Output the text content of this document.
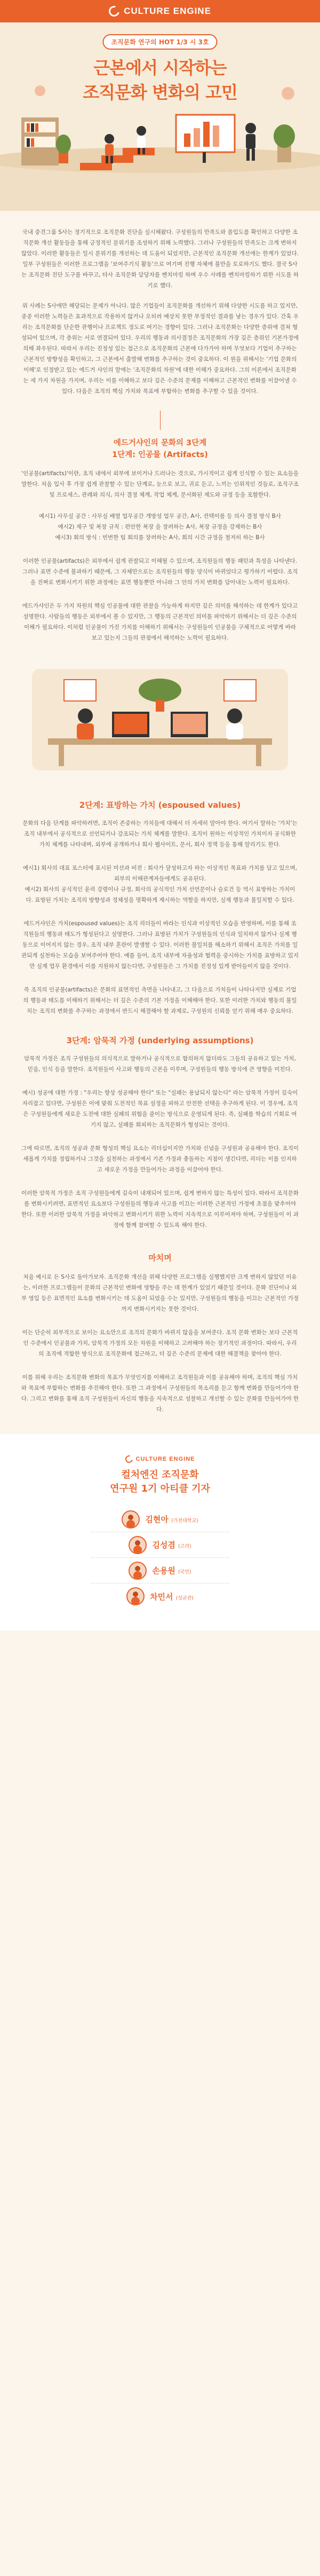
CULTURE ENGINE
조직문화 연구의 HOT 1/3 시 3호
근본에서 시작하는
조직문화 변화의 고민

국내 중견그룹 S사는 정기적으로 조직문화 진단을 실시해왔다. 구성원들의 만족도와 몰입도를 확인하고 다양한 조직문화 개선 활동들을 통해 긍정적인 분위기를 조성하기 위해 노력했다. 그러나 구성원들의 만족도는 크게 변하지 않았다. 이러한 활동들은 일시 분위기를 개선하는 데 도움이 되었지만, 근본적인 조직문화 개선에는 한계가 있었다. 일부 구성원들은 이러한 프로그램을 '보여주기식 활동'으로 여기며 진행 자체에 불만을 토로하기도 했다. 결국 S사는 조직문화 진단 도구를 바꾸고, 타사 조직문화 담당자를 벤치마킹 하며 우수 사례를 벤치마킹하기 위한 시도를 하기로 했다.

위 사례는 S사에만 해당되는 문제가 아니다. 많은 기업들이 조직문화를 개선하기 위해 다양한 시도를 하고 있지만, 종종 이러한 노력들은 효과적으로 작용하지 않거나 오히려 예상치 못한 부정적인 결과를 낳는 경우가 있다. 간혹 우리는 조직문화를 단순한 관행이나 프로젝트 정도로 여기는 경향이 있다. 그러나 조직문화는 다양한 층위에 걸쳐 형성되어 있으며, 각 층위는 서로 연결되어 있다. 우리의 행동과 의사결정은 조직문화의 가장 깊은 층위인 기본가정에 의해 좌우된다. 따라서 우리는 진정성 있는 접근으로 조직문화의 근본에 다가가야 하며 무엇보다 기업이 추구하는 근본적인 방향성을 확인하고, 그 근본에서 출발해 변화를 추구하는 것이 중요하다. 이 원을 위해서는 '기업 문화의 이해'로 인정받고 있는 에드거 샤인의 말에는 '조직문화의 차원'에 대한 이해가 중요하다. 그의 이론에서 조직문화는 세 가지 차원을 가지며, 우리는 이를 이해하고 보다 깊은 수준의 문제를 이해하고 근본적인 변화를 이끌어낼 수 있다. 다음은 조직의 핵심 가치와 목표에 부합하는 변화를 추구할 수 있을 것이다.

에드거샤인의 문화의 3단계
1단계: 인공물 (Artifacts)

'인공물(artifacts)'이란, 조직 내에서 외부에 보이거나 드러나는 것으로, 가시적이고 쉽게 인식할 수 있는 요소들을 말한다. 처음 입사 후 가장 쉽게 관찰할 수 있는 단계로, 눈으로 보고, 귀로 듣고, 느끼는 인위적인 것들로, 조직구조 및 프로세스, 관례와 의식, 의사 결정 체계, 작업 체계, 문서화된 제도와 규정 등을 포함한다.

예시1) 사무실 공간 : 사무실 배열 업무공간 개방성 업무 공간, A사, 컨텍이름 등 의사 결정 방식 B사
예시2) 제구 및 복장 규칙 : 편안한 복장 을 장려하는 A사, 복장 규정을 강제하는 B사
예시3) 회의 방식 : 빈번한 팀 회의를 장려하는 A사, 회의 시간 규정을 철저히 하는 B사

이러한 인공물(artifacts)은 외부에서 쉽게 관찰되고 이해될 수 있으며, 조직원들의 행동 패턴과 특성을 나타낸다. 그러나 표면 수준에 불과하기 때문에, 그 자체만으로는 조직원들의 행동 양식이 바뀌었다고 평가하기 어렵다. 조직을 진짜로 변화시키기 위한 과정에는 표면 행동뿐만 아니라 그 안의 가치 변화를 담아내는 노력이 필요하다.

에드가샤인은 두 가지 차원의 핵심 인공물에 대한 관찰을 가능하게 하지만 깊은 의미를 해석하는 데 한계가 있다고 설명한다. 사람들의 행동은 외부에서 볼 수 있지만, 그 행동의 근본적인 의미를 파악하기 위해서는 더 깊은 수준의 이해가 필요하다. 이처럼 인공물이 가진 가치를 이해하기 위해서는 구성원들이 인공물을 구체적으로 어떻게 바라보고 있는지 그들의 관점에서 해석하는 노력이 필요하다.

2단계: 표방하는 가치 (espoused values)

문화의 다음 단계를 파악하려면, 조직이 존중하는 가치들에 대해서 더 자세히 알아야 한다. 여기서 말하는 '가치'는 조직 내부에서 공식적으로 선언되거나 강조되는 가치 체계를 말한다. 조직이 원하는 이상적인 가치이자 공식화한 가치 체계를 나타내며, 외부에 공개하거나 회사 웹사이트, 문서, 회사 정책 등을 통해 알리기도 한다.

예시1) 회사의 대표 포스터에 표시된 미션과 비전 : 회사가 달성하고자 하는 이상적인 목표와 가치를 담고 있으며, 외부의 이해관계자들에게도 공유된다.
예시2) 회사의 공식적인 윤리 강령이나 규정, 회사의 공식적인 가치 선언문이나 슬로건 등 역시 표방하는 가치이다. 표방된 가치는 조직의 방향성과 정체성을 명확하게 제시하는 역할을 하지만, 실제 행동과 불일치할 수 있다.

에드거샤인은 가치(espoused values)는 조직 리더들이 바라는 인식과 이상적인 모습을 반영하며, 이를 통해 조직원들의 행동과 태도가 형성된다고 설명한다. 그러나 표방된 가치가 구성원들의 인식과 일치하지 않거나 실제 행동으로 이어지지 않는 경우, 조직 내부 혼란이 발생할 수 있다. 이러한 불일치를 해소하기 위해서 조직은 가치를 일관되게 실천하는 모습을 보여주어야 한다. 예를 들어, 조직 내부에 자율성과 협력을 중시하는 가치를 표방하고 있지만 실제 업무 환경에서 이를 지원하지 않는다면, 구성원들은 그 가치를 진정성 있게 받아들이지 않을 것이다.

즉 조직의 인공물(artifacts)은 문화의 표면적인 측면을 나타내고, 그 다음으로 가치들이 나타나지만 실제로 기업의 행동과 태도를 이해하기 위해서는 더 깊은 수준의 기본 가정을 이해해야 한다. 또한 이러한 가치와 행동의 불일치는 조직의 변화를 추구하는 과정에서 반드시 해결해야 할 과제로, 구성원의 신뢰를 얻기 위해 매우 중요하다.

3단계: 암묵적 가정 (underlying assumptions)

암묵적 가정은 조직 구성원들의 의식적으로 말하거나 공식적으로 합의하지 않더라도 그들의 공유하고 있는 가치, 믿음, 인식 등을 말한다. 조직원들이 사고와 행동의 근본을 이루며, 구성원들의 행동 방식에 큰 영향을 미친다.

예시) 성공에 대한 가정 : "우리는 항상 성공해야 한다" 또는 "실패는 용납되지 않는다" 라는 암묵적 가정이 깊숙이 자리잡고 있다면, 구성원은 이에 맞춰 도전적인 목표 설정을 피하고 안전한 선택을 추구하게 된다. 이 경우에, 조직은 구성원들에게 새로운 도전에 대한 실패의 위험을 줄이는 방식으로 운영되게 된다. 즉, 실패를 학습의 기회로 여기지 않고, 실패를 회피하는 조직문화가 형성되는 것이다.

그에 따르면, 조직의 성공과 문화 형성의 핵심 요소는 리더십이지만 가치와 신념을 구성원과 공유해야 한다. 조직이 새롭게 가치를 정립하거나 그것을 실천하는 과정에서 기존 가정과 충돌하는 지점이 생긴다면, 리더는 이를 인지하고 새로운 가정을 만들어가는 과정을 이끌어야 한다.

이러한 암묵적 가정은 조직 구성원들에게 깊숙이 내재되어 있으며, 쉽게 변하지 않는 특성이 있다. 따라서 조직문화를 변화시키려면, 표면적인 요소보다 구성원들의 행동과 사고를 이끄는 이러한 근본적인 가정에 초점을 맞추어야 한다. 또한 이러한 암묵적 가정을 파악하고 변화시키기 위한 노력이 지속적으로 이루어져야 하며, 구성원들이 이 과정에 함께 참여할 수 있도록 해야 한다.

마치며

처음 예시로 든 S사로 돌아가보자. 조직문화 개선을 위해 다양한 프로그램을 실행했지만 크게 변하지 않았던 이유는, 이러한 프로그램들이 문화의 근본적인 변화에 영향을 주는 데 한계가 있었기 때문일 것이다. 문화 진단이나 외부 영입 등은 표면적인 요소를 변화시키는 데 도움이 되었을 수는 있지만, 구성원들의 행동을 이끄는 근본적인 가정까지 변화시키지는 못한 것이다.

이는 단순히 외부적으로 보이는 요소만으로 조직의 문화가 바뀌지 않음을 보여준다. 조직 문화 변화는 보다 근본적인 수준에서 인공물과 가치, 암묵적 가정의 모든 차원을 이해하고 고려해야 하는 장기적인 과정이다. 따라서, 우리의 조직에 적합한 방식으로 조직문화에 접근하고, 더 깊은 수준의 문제에 대한 해결책을 찾아야 한다.

이를 위해 우리는 조직문화 변화의 목표가 무엇인지를 이해하고 조직원들과 이를 공유해야 하며, 조직의 핵심 가치와 목표에 부합하는 변화를 추진해야 한다. 또한 그 과정에서 구성원들의 목소리를 듣고 함께 변화를 만들어가야 한다. 그리고 변화를 통해 조직 구성원들이 자신의 행동을 지속적으로 성찰하고 개선할 수 있는 문화를 만들어가야 한다.

CULTURE ENGINE
컬처엔진 조직문화
연구원 1기 아티클 기자
김현아 (가천대학교)
김성겸 (고려)
손용원 (국민)
차민서 (성균관)
